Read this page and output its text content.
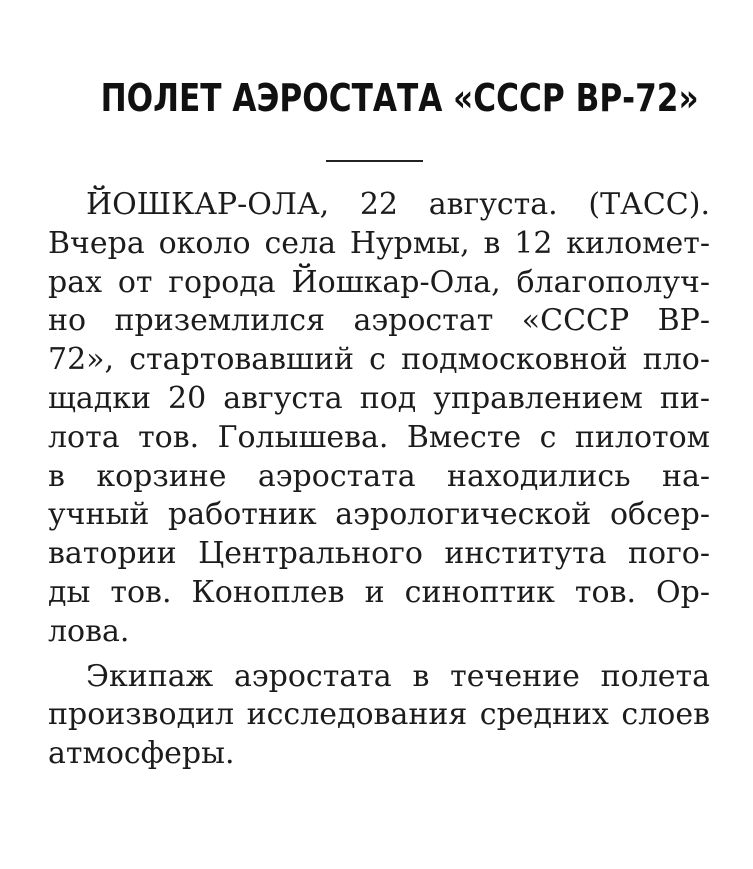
ПОЛЕТ АЭРОСТАТА «СССР ВР-72»
ЙОШКАР-ОЛА, 22 августа. (ТАСС).
Вчера около села Нурмы, в 12 километ-
рах от города Йошкар-Ола, благополуч-
но приземлился аэростат «СССР ВР-
72», стартовавший с подмосковной пло-
щадки 20 августа под управлением пи-
лота тов. Голышева. Вместе с пилотом
в корзине аэростата находились на-
учный работник аэрологической обсер-
ватории Центрального института пого-
ды тов. Коноплев и синоптик тов. Ор-
лова.
Экипаж аэростата в течение полета
производил исследования средних слоев
атмосферы.
